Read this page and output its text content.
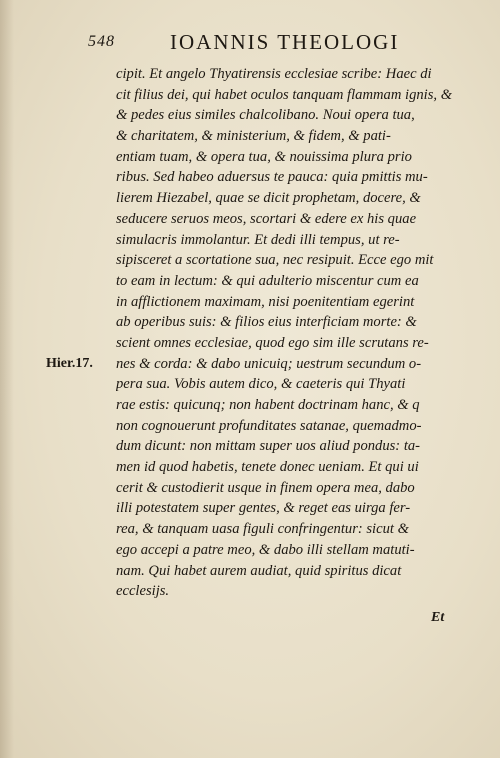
548	IOANNIS THEOLOGI
Hier.17.
cipit. Et angelo Thyatirensis ecclesiae scribe: Haec di
cit filius dei, qui habet oculos tanquam flammam ignis, &
& pedes eius similes chalcolibano. Noui opera tua,
& charitatem, & ministerium, & fidem, & pati-
entiam tuam, & opera tua, & nouissima plura prio
ribus. Sed habeo aduersus te pauca: quia pmittis mu-
lierem Hiezabel, quae se dicit prophetam, docere, &
seducere seruos meos, scortari & edere ex his quae
simulacris immolantur. Et dedi illi tempus, ut re-
sipisceret a scortatione sua, nec resipuit. Ecce ego mit
to eam in lectum: & qui adulterio miscentur cum ea
in afflictionem maximam, nisi poenitentiam egerint
ab operibus suis: & filios eius interficiam morte: &
scient omnes ecclesiae, quod ego sim ille scrutans re-
nes & corda: & dabo unicuiq; uestrum secundum o-
pera sua. Vobis autem dico, & caeteris qui Thyati
rae estis: quicunq; non habent doctrinam hanc, & q
non cognouerunt profunditates satanae, quemadmo-
dum dicunt: non mittam super uos aliud pondus: ta-
men id quod habetis, tenete donec ueniam. Et qui ui
cerit & custodierit usque in finem opera mea, dabo
illi potestatem super gentes, & reget eas uirga fer-
rea, & tanquam uasa figuli confringentur: sicut &
ego accepi a patre meo, & dabo illi stellam matuti-
nam. Qui habet aurem audiat, quid spiritus dicat
ecclesijs.
Et
